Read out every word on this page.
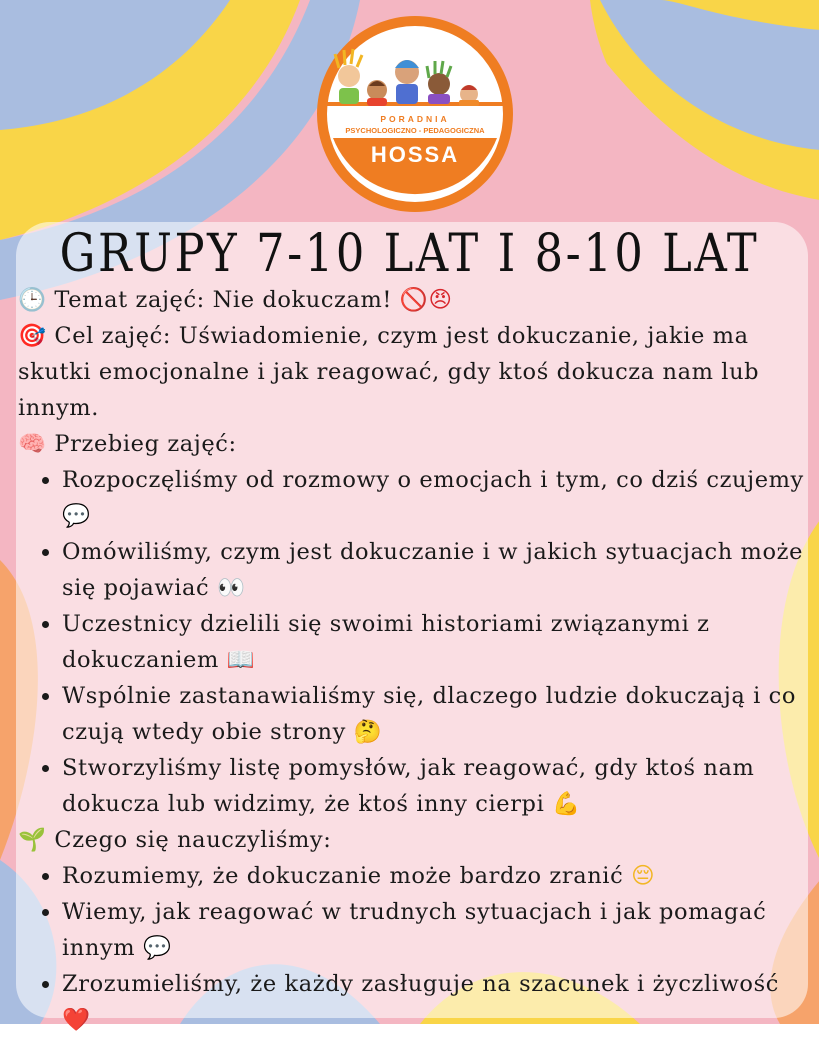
PORADNIA
PSYCHOLOGICZNO - PEDAGOGICZNA
HOSSA
GRUPY 7-10 LAT I 8-10 LAT

🕒 Temat zajęć: Nie dokuczam! 🚫😠

🎯 Cel zajęć: Uświadomienie, czym jest dokuczanie, jakie ma skutki emocjonalne i jak reagować, gdy ktoś dokucza nam lub innym.

🧠 Przebieg zajęć:

• Rozpoczęliśmy od rozmowy o emocjach i tym, co dziś czujemy 💬
• Omówiliśmy, czym jest dokuczanie i w jakich sytuacjach może się pojawiać 👀
• Uczestnicy dzielili się swoimi historiami związanymi z dokuczaniem 📖
• Wspólnie zastanawialiśmy się, dlaczego ludzie dokuczają i co czują wtedy obie strony 🤔
• Stworzyliśmy listę pomysłów, jak reagować, gdy ktoś nam dokucza lub widzimy, że ktoś inny cierpi 💪

🌱 Czego się nauczyliśmy:

• Rozumiemy, że dokuczanie może bardzo zranić 😔
• Wiemy, jak reagować w trudnych sytuacjach i jak pomagać innym 💬
• Zrozumieliśmy, że każdy zasługuje na szacunek i życzliwość ❤️
